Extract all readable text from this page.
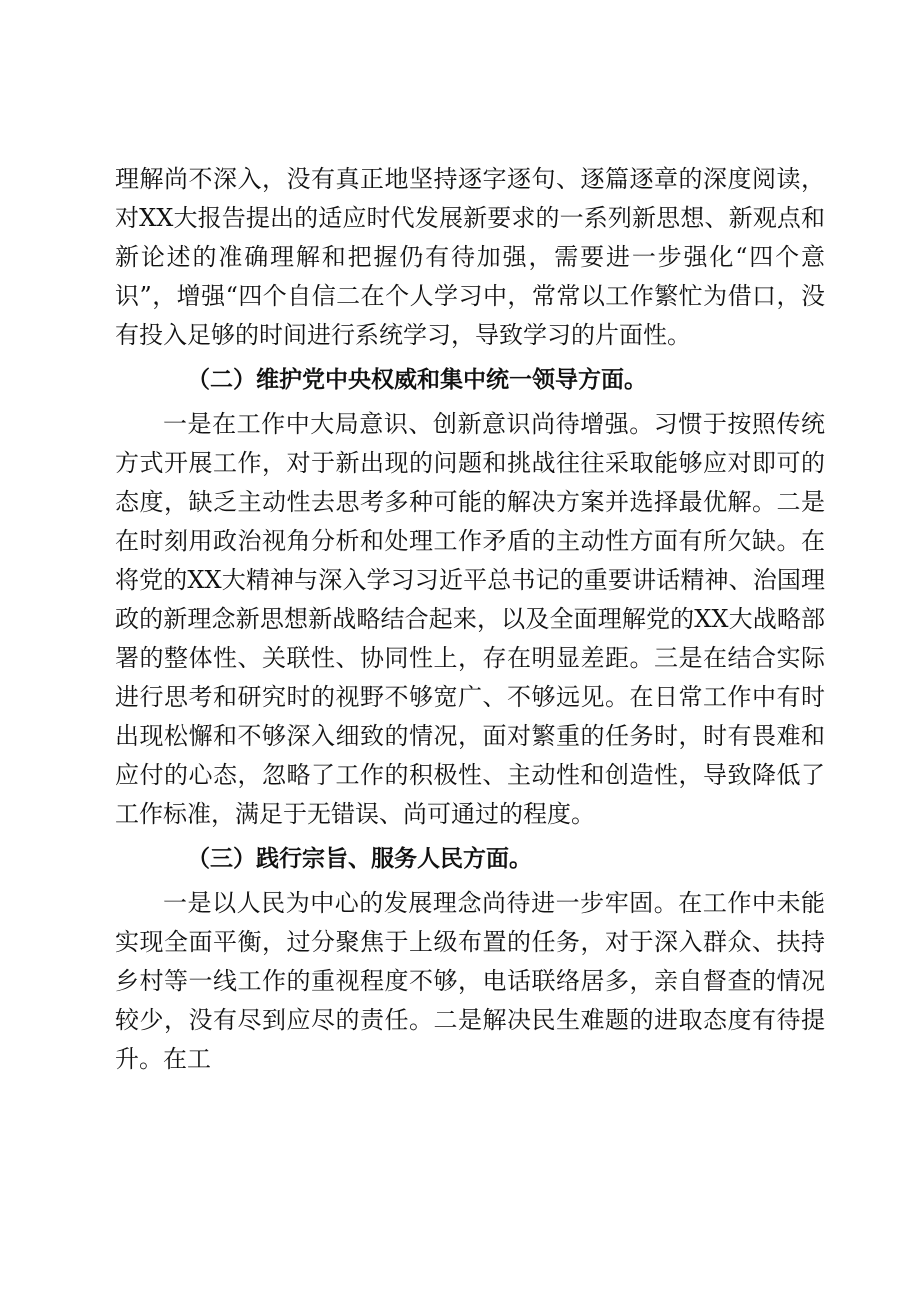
理解尚不深入，没有真正地坚持逐字逐句、逐篇逐章的深度阅读，对XX大报告提出的适应时代发展新要求的一系列新思想、新观点和新论述的准确理解和把握仍有待加强，需要进一步强化“四个意识”，增强“四个自信二在个人学习中，常常以工作繁忙为借口，没有投入足够的时间进行系统学习，导致学习的片面性。

（二）维护党中央权威和集中统一领导方面。

一是在工作中大局意识、创新意识尚待增强。习惯于按照传统方式开展工作，对于新出现的问题和挑战往往采取能够应对即可的态度，缺乏主动性去思考多种可能的解决方案并选择最优解。二是在时刻用政治视角分析和处理工作矛盾的主动性方面有所欠缺。在将党的XX大精神与深入学习习近平总书记的重要讲话精神、治国理政的新理念新思想新战略结合起来，以及全面理解党的XX大战略部署的整体性、关联性、协同性上，存在明显差距。三是在结合实际进行思考和研究时的视野不够宽广、不够远见。在日常工作中有时出现松懈和不够深入细致的情况，面对繁重的任务时，时有畏难和应付的心态，忽略了工作的积极性、主动性和创造性，导致降低了工作标准，满足于无错误、尚可通过的程度。

（三）践行宗旨、服务人民方面。

一是以人民为中心的发展理念尚待进一步牢固。在工作中未能实现全面平衡，过分聚焦于上级布置的任务，对于深入群众、扶持乡村等一线工作的重视程度不够，电话联络居多，亲自督查的情况较少，没有尽到应尽的责任。二是解决民生难题的进取态度有待提升。在工
